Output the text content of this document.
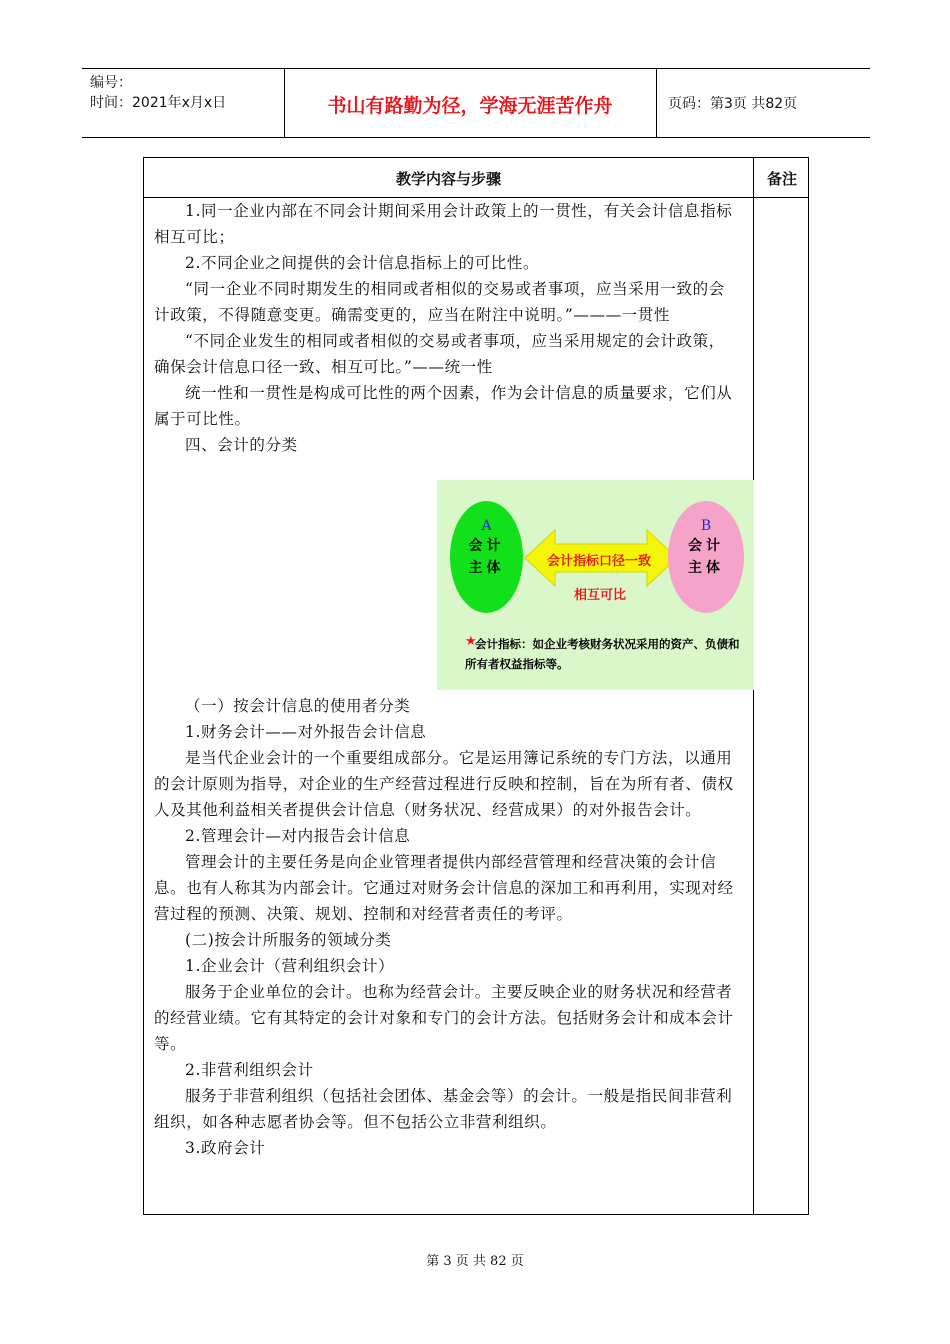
编号：
时间：2021年x月x日	书山有路勤为径，学海无涯苦作舟	页码：第3页 共82页
教学内容与步骤	备注

1.同一企业内部在不同会计期间采用会计政策上的一贯性，有关会计信息指标相互可比；

2.不同企业之间提供的会计信息指标上的可比性。

“同一企业不同时期发生的相同或者相似的交易或者事项，应当采用一致的会计政策，不得随意变更。确需变更的，应当在附注中说明。”———一贯性

“不同企业发生的相同或者相似的交易或者事项，应当采用规定的会计政策，确保会计信息口径一致、相互可比。”——统一性

统一性和一贯性是构成可比性的两个因素，作为会计信息的质量要求，它们从属于可比性。

四、会计的分类

A
会计
主体	会计指标口径一致
相互可比
B
会计
主体
★
会计指标：如企业考核财务状况采用的资产、负债和所有者权益指标等。

（一）按会计信息的使用者分类

1.财务会计——对外报告会计信息

是当代企业会计的一个重要组成部分。它是运用簿记系统的专门方法，以通用的会计原则为指导，对企业的生产经营过程进行反映和控制，旨在为所有者、债权人及其他利益相关者提供会计信息（财务状况、经营成果）的对外报告会计。

2.管理会计—对内报告会计信息

管理会计的主要任务是向企业管理者提供内部经营管理和经营决策的会计信息。也有人称其为内部会计。它通过对财务会计信息的深加工和再利用，实现对经营过程的预测、决策、规划、控制和对经营者责任的考评。

(二)按会计所服务的领域分类

1.企业会计（营利组织会计）

服务于企业单位的会计。也称为经营会计。主要反映企业的财务状况和经营者的经营业绩。它有其特定的会计对象和专门的会计方法。包括财务会计和成本会计等。

2.非营利组织会计

服务于非营利组织（包括社会团体、基金会等）的会计。一般是指民间非营利组织，如各种志愿者协会等。但不包括公立非营利组织。

3.政府会计

第 3 页 共 82 页
